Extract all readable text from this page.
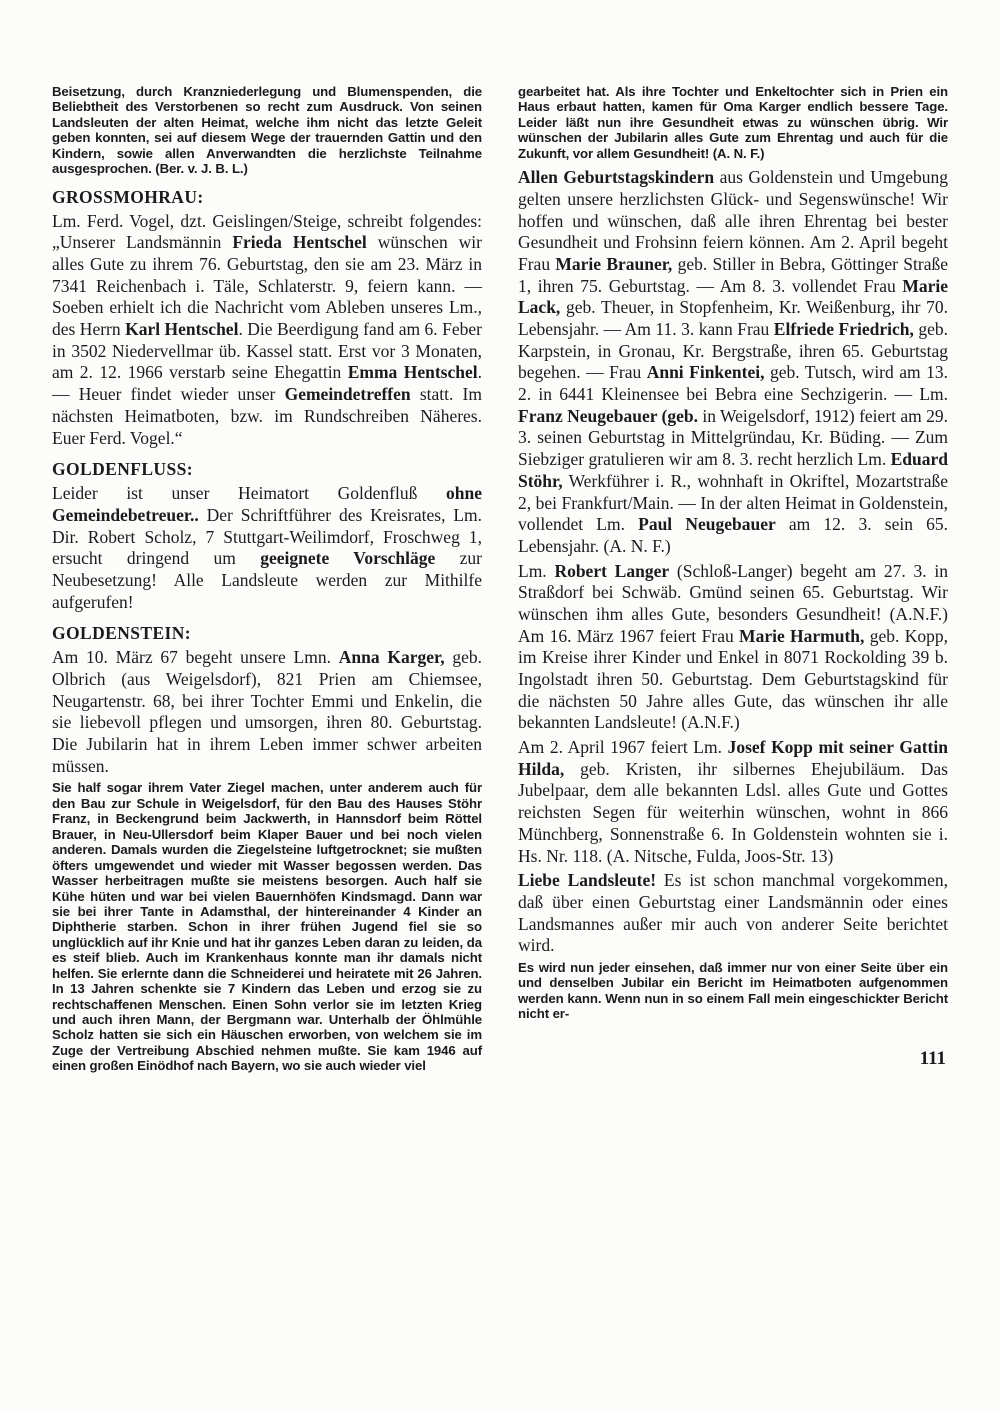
Beisetzung, durch Kranzniederlegung und Blumenspenden, die Beliebtheit des Verstorbenen so recht zum Ausdruck. Von seinen Landsleuten der alten Heimat, welche ihm nicht das letzte Geleit geben konnten, sei auf diesem Wege der trauernden Gattin und den Kindern, sowie allen Anverwandten die herzlichste Teilnahme ausgesprochen. (Ber. v. J. B. L.)

GROSSMOHRAU:

Lm. Ferd. Vogel, dzt. Geislingen/Steige, schreibt folgendes: „Unserer Landsmännin Frieda Hentschel wünschen wir alles Gute zu ihrem 76. Geburtstag, den sie am 23. März in 7341 Reichenbach i. Täle, Schlaterstr. 9, feiern kann. — Soeben erhielt ich die Nachricht vom Ableben unseres Lm., des Herrn Karl Hentschel. Die Beerdigung fand am 6. Feber in 3502 Niedervellmar üb. Kassel statt. Erst vor 3 Monaten, am 2. 12. 1966 verstarb seine Ehegattin Emma Hentschel. — Heuer findet wieder unser Gemeindetreffen statt. Im nächsten Heimatboten, bzw. im Rundschreiben Näheres. Euer Ferd. Vogel.“

GOLDENFLUSS:

Leider ist unser Heimatort Goldenfluß ohne Gemeindebetreuer.. Der Schriftführer des Kreisrates, Lm. Dir. Robert Scholz, 7 Stuttgart-Weilimdorf, Froschweg 1, ersucht dringend um geeignete Vorschläge zur Neubesetzung! Alle Landsleute werden zur Mithilfe aufgerufen!

GOLDENSTEIN:

Am 10. März 67 begeht unsere Lmn. Anna Karger, geb. Olbrich (aus Weigelsdorf), 821 Prien am Chiemsee, Neugartenstr. 68, bei ihrer Tochter Emmi und Enkelin, die sie liebevoll pflegen und umsorgen, ihren 80. Geburtstag. Die Jubilarin hat in ihrem Leben immer schwer arbeiten müssen.

Sie half sogar ihrem Vater Ziegel machen, unter anderem auch für den Bau zur Schule in Weigelsdorf, für den Bau des Hauses Stöhr Franz, in Beckengrund beim Jackwerth, in Hannsdorf beim Röttel Brauer, in Neu-Ullersdorf beim Klaper Bauer und bei noch vielen anderen. Damals wurden die Ziegelsteine luftgetrocknet; sie mußten öfters umgewendet und wieder mit Wasser begossen werden. Das Wasser herbeitragen mußte sie meistens besorgen. Auch half sie Kühe hüten und war bei vielen Bauernhöfen Kindsmagd. Dann war sie bei ihrer Tante in Adamsthal, der hintereinander 4 Kinder an Diphtherie starben. Schon in ihrer frühen Jugend fiel sie so unglücklich auf ihr Knie und hat ihr ganzes Leben daran zu leiden, da es steif blieb. Auch im Krankenhaus konnte man ihr damals nicht helfen. Sie erlernte dann die Schneiderei und heiratete mit 26 Jahren. In 13 Jahren schenkte sie 7 Kindern das Leben und erzog sie zu rechtschaffenen Menschen. Einen Sohn verlor sie im letzten Krieg und auch ihren Mann, der Bergmann war. Unterhalb der Öhlmühle Scholz hatten sie sich ein Häuschen erworben, von welchem sie im Zuge der Vertreibung Abschied nehmen mußte. Sie kam 1946 auf einen großen Einödhof nach Bayern, wo sie auch wieder viel

gearbeitet hat. Als ihre Tochter und Enkeltochter sich in Prien ein Haus erbaut hatten, kamen für Oma Karger endlich bessere Tage. Leider läßt nun ihre Gesundheit etwas zu wünschen übrig. Wir wünschen der Jubilarin alles Gute zum Ehrentag und auch für die Zukunft, vor allem Gesundheit! (A. N. F.)

Allen Geburtstagskindern aus Goldenstein und Umgebung gelten unsere herzlichsten Glück- und Segenswünsche! Wir hoffen und wünschen, daß alle ihren Ehrentag bei bester Gesundheit und Frohsinn feiern können. Am 2. April begeht Frau Marie Brauner, geb. Stiller in Bebra, Göttinger Straße 1, ihren 75. Geburtstag. — Am 8. 3. vollendet Frau Marie Lack, geb. Theuer, in Stopfenheim, Kr. Weißenburg, ihr 70. Lebensjahr. — Am 11. 3. kann Frau Elfriede Friedrich, geb. Karpstein, in Gronau, Kr. Bergstraße, ihren 65. Geburtstag begehen. — Frau Anni Finkentei, geb. Tutsch, wird am 13. 2. in 6441 Kleinensee bei Bebra eine Sechzigerin. — Lm. Franz Neugebauer (geb. in Weigelsdorf, 1912) feiert am 29. 3. seinen Geburtstag in Mittelgründau, Kr. Büding. — Zum Siebziger gratulieren wir am 8. 3. recht herzlich Lm. Eduard Stöhr, Werkführer i. R., wohnhaft in Okriftel, Mozartstraße 2, bei Frankfurt/Main. — In der alten Heimat in Goldenstein, vollendet Lm. Paul Neugebauer am 12. 3. sein 65. Lebensjahr. (A. N. F.)

Lm. Robert Langer (Schloß-Langer) begeht am 27. 3. in Straßdorf bei Schwäb. Gmünd seinen 65. Geburtstag. Wir wünschen ihm alles Gute, besonders Gesundheit! (A.N.F.) Am 16. März 1967 feiert Frau Marie Harmuth, geb. Kopp, im Kreise ihrer Kinder und Enkel in 8071 Rockolding 39 b. Ingolstadt ihren 50. Geburtstag. Dem Geburtstagskind für die nächsten 50 Jahre alles Gute, das wünschen ihr alle bekannten Landsleute! (A.N.F.)

Am 2. April 1967 feiert Lm. Josef Kopp mit seiner Gattin Hilda, geb. Kristen, ihr silbernes Ehejubiläum. Das Jubelpaar, dem alle bekannten Ldsl. alles Gute und Gottes reichsten Segen für weiterhin wünschen, wohnt in 866 Münchberg, Sonnenstraße 6. In Goldenstein wohnten sie i. Hs. Nr. 118. (A. Nitsche, Fulda, Joos-Str. 13)

Liebe Landsleute! Es ist schon manchmal vorgekommen, daß über einen Geburtstag einer Landsmännin oder eines Landsmannes außer mir auch von anderer Seite berichtet wird.

Es wird nun jeder einsehen, daß immer nur von einer Seite über ein und denselben Jubilar ein Bericht im Heimatboten aufgenommen werden kann. Wenn nun in so einem Fall mein eingeschickter Bericht nicht er-

111
